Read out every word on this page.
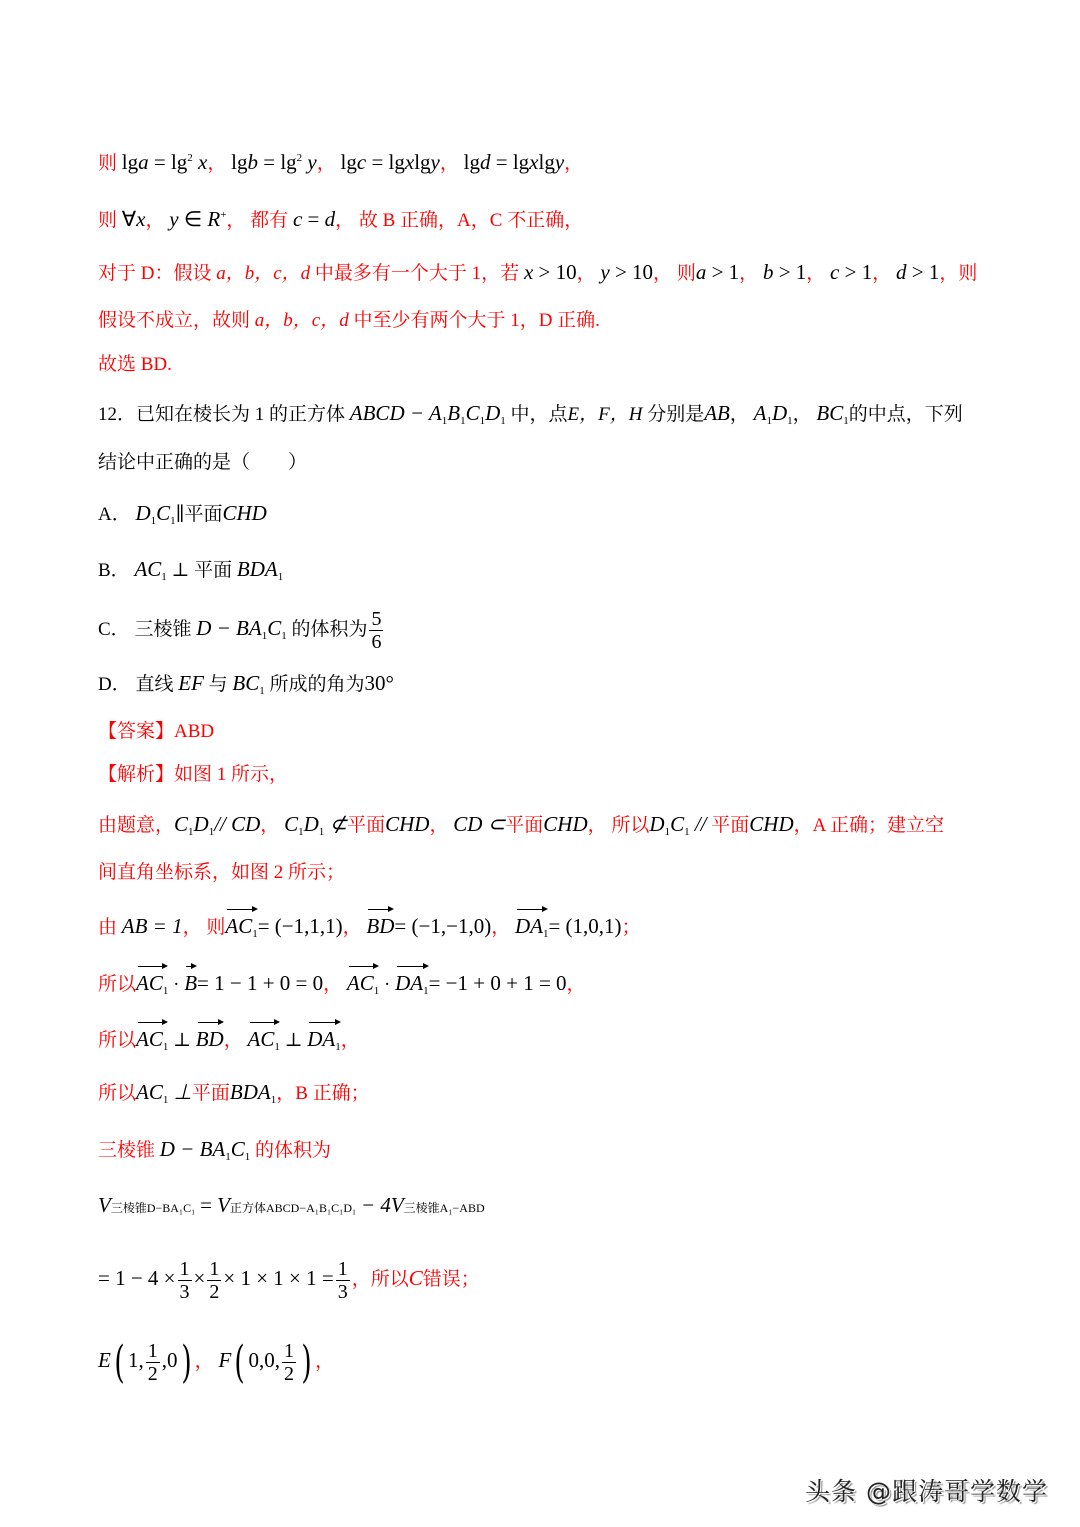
则 $\lg a = \lg^2 x$， $\lg b = \lg^2 y$， lgc = lgxlgy， lgd = lgxlgy，
则 ∀x， y ∈ R+， 都有 c = d， 故 B 正确，A，C 不正确，
对于 D：假设 a，b，c，d 中最多有一个大于 1，若 x > 10， y > 10， 则a > 1， b > 1， c > 1， d > 1，则
假设不成立，故则 a，b，c，d 中至少有两个大于 1，D 正确.
故选 BD.
12．已知在棱长为 1 的正方体 ABCD − $A_1B_1C_1D_1$ 中，点E，F，H 分别是AB， $A_1D_1$， $BC_1$的中点，下列
结论中正确的是（　　）
A． $D_1C_1\parallel$平面CHD
B． $AC_1$ ⊥ 平面 $BDA_1$
C． 三棱锥 $D - BA_1C_1$ 的体积为 $\frac{5}{6}$
D． 直线 EF 与 $BC_1$ 所成的角为30°
【答案】ABD
【解析】如图 1 所示，
由题意，$C_1D_1//$ CD， $C_1D_1$ ⊄平面CHD， CD ⊂平面CHD， 所以$D_1C_1$ // 平面CHD，A 正确；建立空
间直角坐标系，如图 2 所示；
由 AB = 1， 则$AC_1= (-1,1,1)$， BD= (−1,−1,0)， $DA_1= (1,0,1)$；
所以$AC_1 \cdot B= 1 - 1 + 0 = 0$， $AC_1 \cdot DA_1= -1 + 0 + 1 = 0$，
所以$AC_1$ ⊥ BD， $AC_1$ ⊥ $DA_1$，
所以$AC_1$ ⊥平面$BDA_1$，B 正确；
三棱锥 $D - BA_1C_1$ 的体积为
V三棱锥D−BA₁C₁ = V正方体ABCD−A₁B₁C₁D₁ − 4V三棱锥A₁−ABD
= $1 - 4 \times \frac{1}{3} \times \frac{1}{2} \times 1 \times 1 \times 1 = \frac{1}{3}$ ，所以C错误；
E( 1, $\frac{1}{2} ,0$) ， F( 0,0, $\frac{1}{2}$ ) ，
头条 @跟涛哥学数学
